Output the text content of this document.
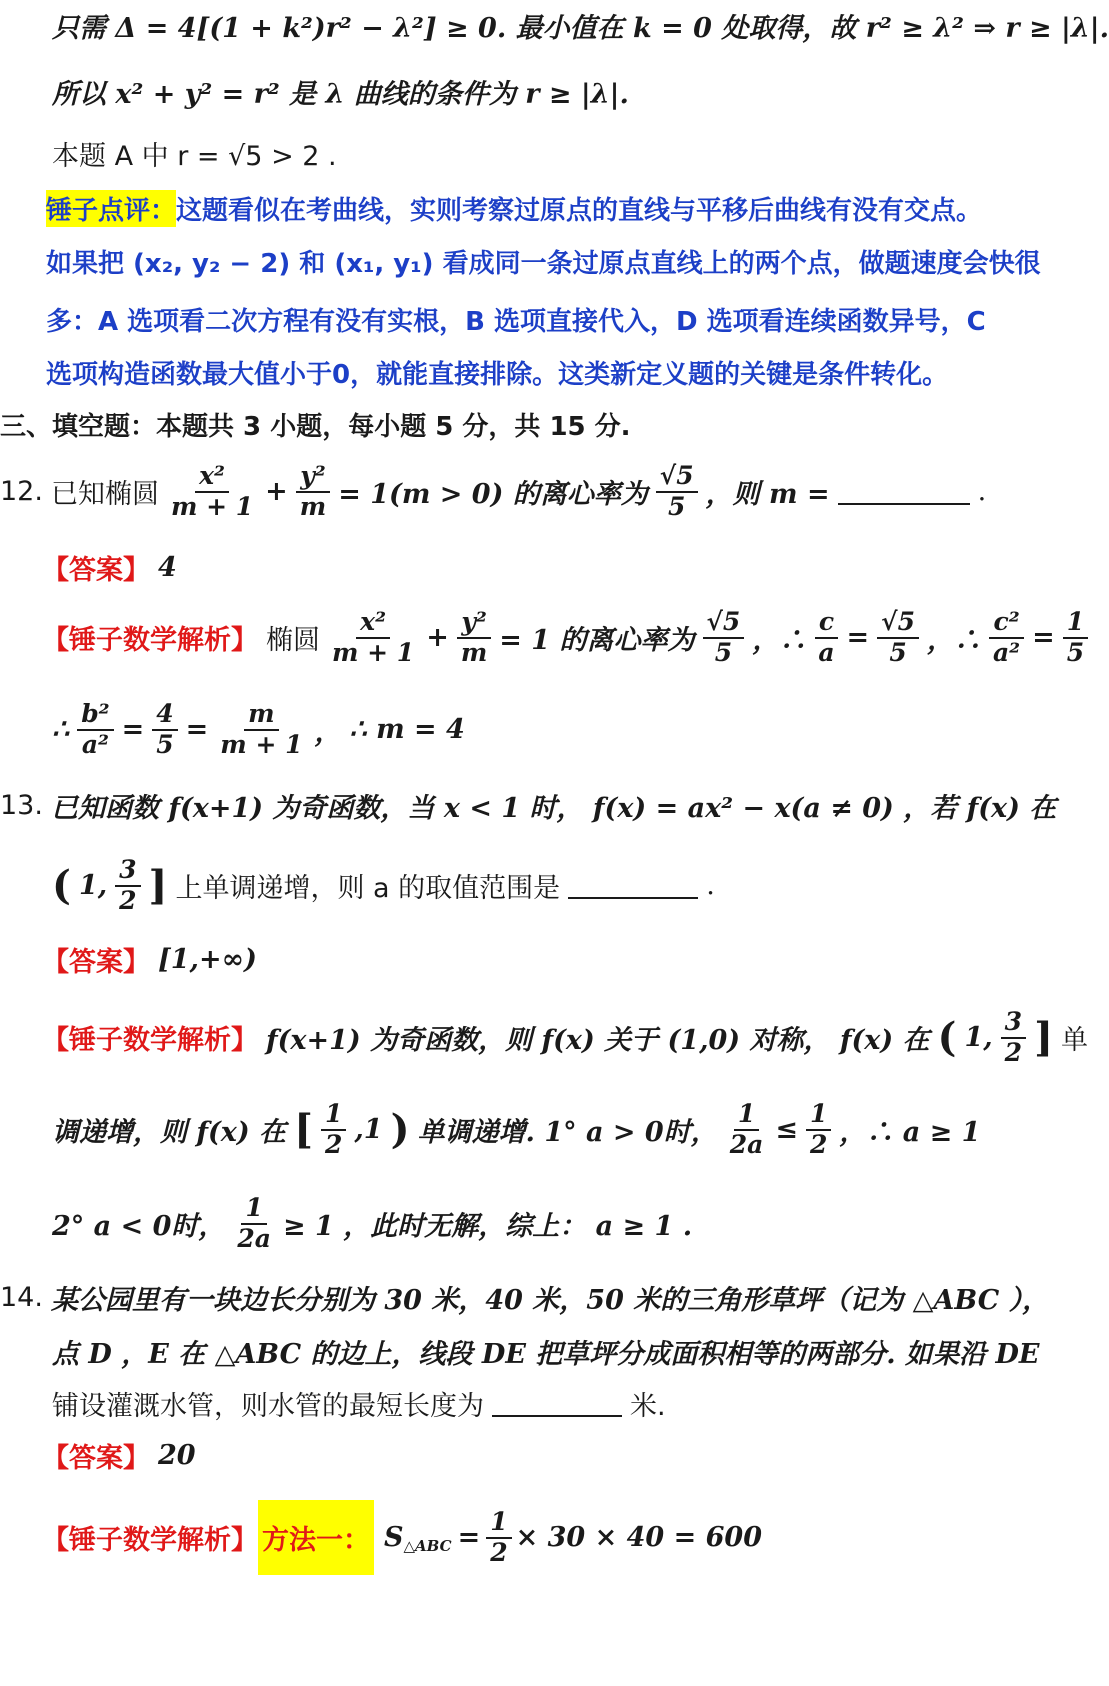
只需 Δ = 4[(1 + k²)r² − λ²] ≥ 0. 最小值在 k = 0 处取得，故 r² ≥ λ² ⇒ r ≥ |λ|.
所以 x² + y² = r² 是 λ 曲线的条件为 r ≥ |λ|.
本题 A 中 r = √5 > 2 .
锤子点评： 这题看似在考曲线，实则考察过原点的直线与平移后曲线有没有交点。
如果把 (x₂, y₂ − 2) 和 (x₁, y₁) 看成同一条过原点直线上的两个点，做题速度会快很
多：A 选项看二次方程有没有实根，B 选项直接代入，D 选项看连续函数异号，C
选项构造函数最大值小于0，就能直接排除。这类新定义题的关键是条件转化。
三、填空题：本题共 3 小题，每小题 5 分，共 15 分.
12. 已知椭圆 $\frac{\text{x²}}{m + 1} + \frac{\text{y²}}{m} = 1(m > 0)$ 的离心率为 $\frac{√5}{5}$ ，则 m =	.
【答案】 4
【锤子数学解析】 椭圆 $\frac{\text{x²}}{m + 1} + \frac{\text{y²}}{m} = 1$ 的离心率为 $\frac{√5}{5}$ ，∴ $\frac{c}{a} = \frac{√5}{5}$ ，∴ $\frac{\text{c²}}{\text{a²}} = \frac{1}{5}$
∴ $\frac{\text{b²}}{\text{a²}} = \frac{4}{5} = \frac{m}{m + 1}$ ， ∴ m = 4
13. 已知函数 f(x+1) 为奇函数，当 x < 1 时， f(x) = ax² − x(a ≠ 0) ，若 f(x) 在
( 1, $\frac{3}{2}$ ] 上单调递增，则 a 的取值范围是	.
【答案】 [1,+∞)
【锤子数学解析】 f(x+1) 为奇函数，则 f(x) 关于 (1,0) 对称， f(x) 在 ( 1, $\frac{3}{2}$ ] 单
调递增，则 f(x) 在 [ $\frac{1}{2} ,1$ ) 单调递增. 1° a > 0时， $\frac{1}{2a} \le \frac{1}{2}$ ，∴ a ≥ 1
2° a < 0时， $\frac{1}{2a} \ge 1$ ，此时无解，综上： a ≥ 1 .
14. 某公园里有一块边长分别为 30 米，40 米，50 米的三角形草坪（记为 △ABC ），
点 D ，E 在 △ABC 的边上，线段 DE 把草坪分成面积相等的两部分. 如果沿 DE
铺设灌溉水管，则水管的最短长度为	米.
【答案】 20
【锤子数学解析】 方法一： S △ABC = $\frac{1}{2} \times 30 \times 40 = 600$
